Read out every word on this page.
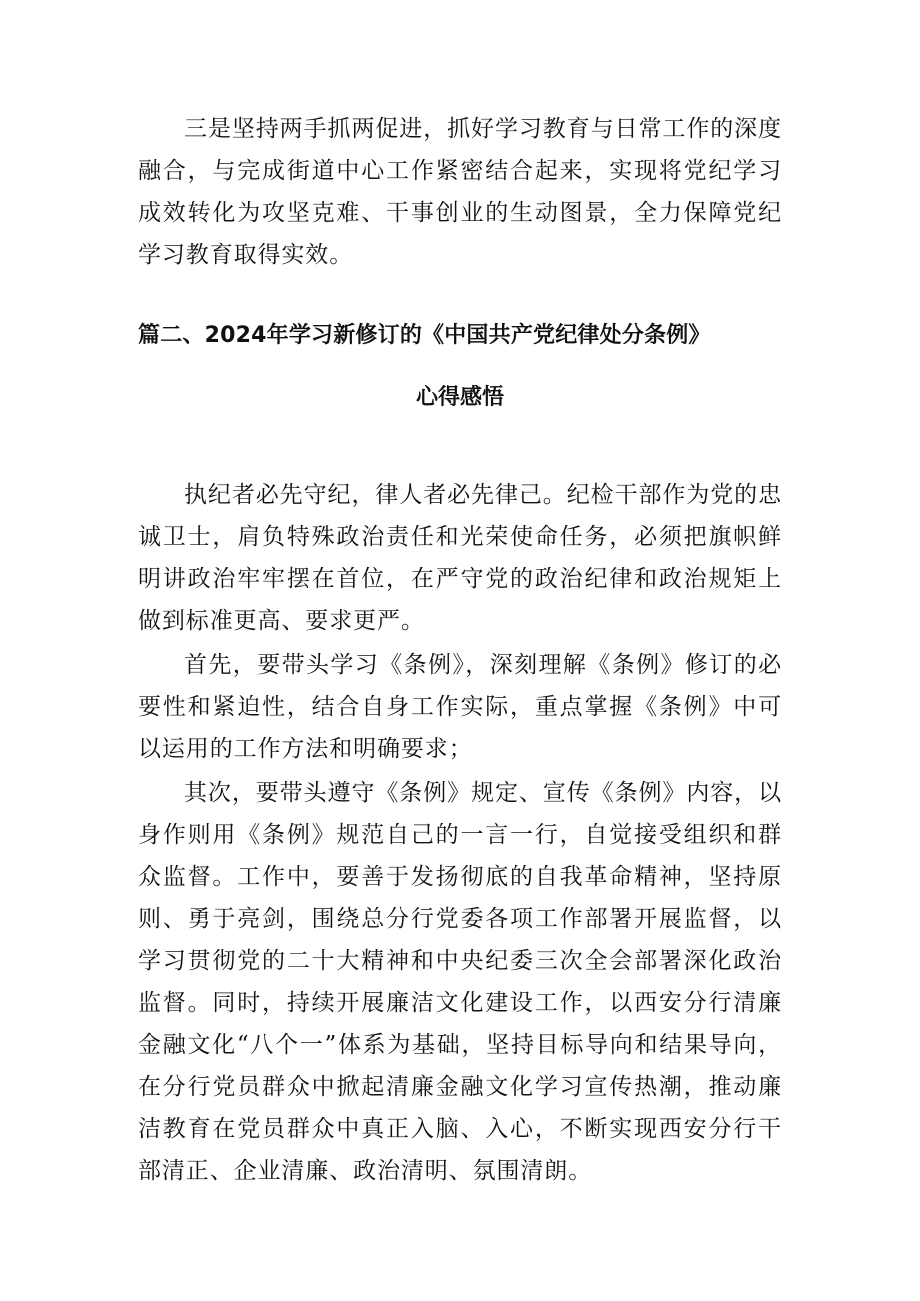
三是坚持两手抓两促进，抓好学习教育与日常工作的深度融合，与完成街道中心工作紧密结合起来，实现将党纪学习成效转化为攻坚克难、干事创业的生动图景，全力保障党纪学习教育取得实效。

篇二、2024年学习新修订的《中国共产党纪律处分条例》
心得感悟

执纪者必先守纪，律人者必先律己。纪检干部作为党的忠诚卫士，肩负特殊政治责任和光荣使命任务，必须把旗帜鲜明讲政治牢牢摆在首位，在严守党的政治纪律和政治规矩上做到标准更高、要求更严。

首先，要带头学习《条例》，深刻理解《条例》修订的必要性和紧迫性，结合自身工作实际，重点掌握《条例》中可以运用的工作方法和明确要求；

其次，要带头遵守《条例》规定、宣传《条例》内容，以身作则用《条例》规范自己的一言一行，自觉接受组织和群众监督。工作中，要善于发扬彻底的自我革命精神，坚持原则、勇于亮剑，围绕总分行党委各项工作部署开展监督，以学习贯彻党的二十大精神和中央纪委三次全会部署深化政治监督。同时，持续开展廉洁文化建设工作，以西安分行清廉金融文化“八个一”体系为基础，坚持目标导向和结果导向，在分行党员群众中掀起清廉金融文化学习宣传热潮，推动廉洁教育在党员群众中真正入脑、入心，不断实现西安分行干部清正、企业清廉、政治清明、氛围清朗。
